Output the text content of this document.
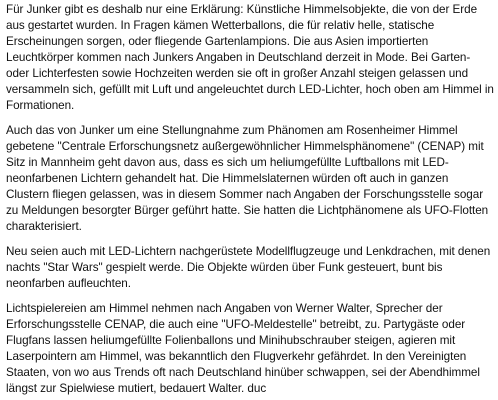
Für Junker gibt es deshalb nur eine Erklärung: Künstliche Himmelsobjekte, die von der Erde aus gestartet wurden. In Fragen kämen Wetterballons, die für relativ helle, statische Erscheinungen sorgen, oder fliegende Gartenlampions. Die aus Asien importierten Leuchtkörper kommen nach Junkers Angaben in Deutschland derzeit in Mode. Bei Garten- oder Lichterfesten sowie Hochzeiten werden sie oft in großer Anzahl steigen gelassen und versammeln sich, gefüllt mit Luft und angeleuchtet durch LED-Lichter, hoch oben am Himmel in Formationen.

Auch das von Junker um eine Stellungnahme zum Phänomen am Rosenheimer Himmel gebetene "Centrale Erforschungsnetz außergewöhnlicher Himmelsphänomene" (CENAP) mit Sitz in Mannheim geht davon aus, dass es sich um heliumgefüllte Luftballons mit LED-neonfarbenen Lichtern gehandelt hat. Die Himmelslaternen würden oft auch in ganzen Clustern fliegen gelassen, was in diesem Sommer nach Angaben der Forschungsstelle sogar zu Meldungen besorgter Bürger geführt hatte. Sie hatten die Lichtphänomene als UFO-Flotten charakterisiert.

Neu seien auch mit LED-Lichtern nachgerüstete Modellflugzeuge und Lenkdrachen, mit denen nachts "Star Wars" gespielt werde. Die Objekte würden über Funk gesteuert, bunt bis neonfarben aufleuchten.

Lichtspielereien am Himmel nehmen nach Angaben von Werner Walter, Sprecher der Erforschungsstelle CENAP, die auch eine "UFO-Meldestelle" betreibt, zu. Partygäste oder Flugfans lassen heliumgefüllte Folienballons und Minihubschrauber steigen, agieren mit Laserpointern am Himmel, was bekanntlich den Flugverkehr gefährdet. In den Vereinigten Staaten, von wo aus Trends oft nach Deutschland hinüber schwappen, sei der Abendhimmel längst zur Spielwiese mutiert, bedauert Walter. duc
